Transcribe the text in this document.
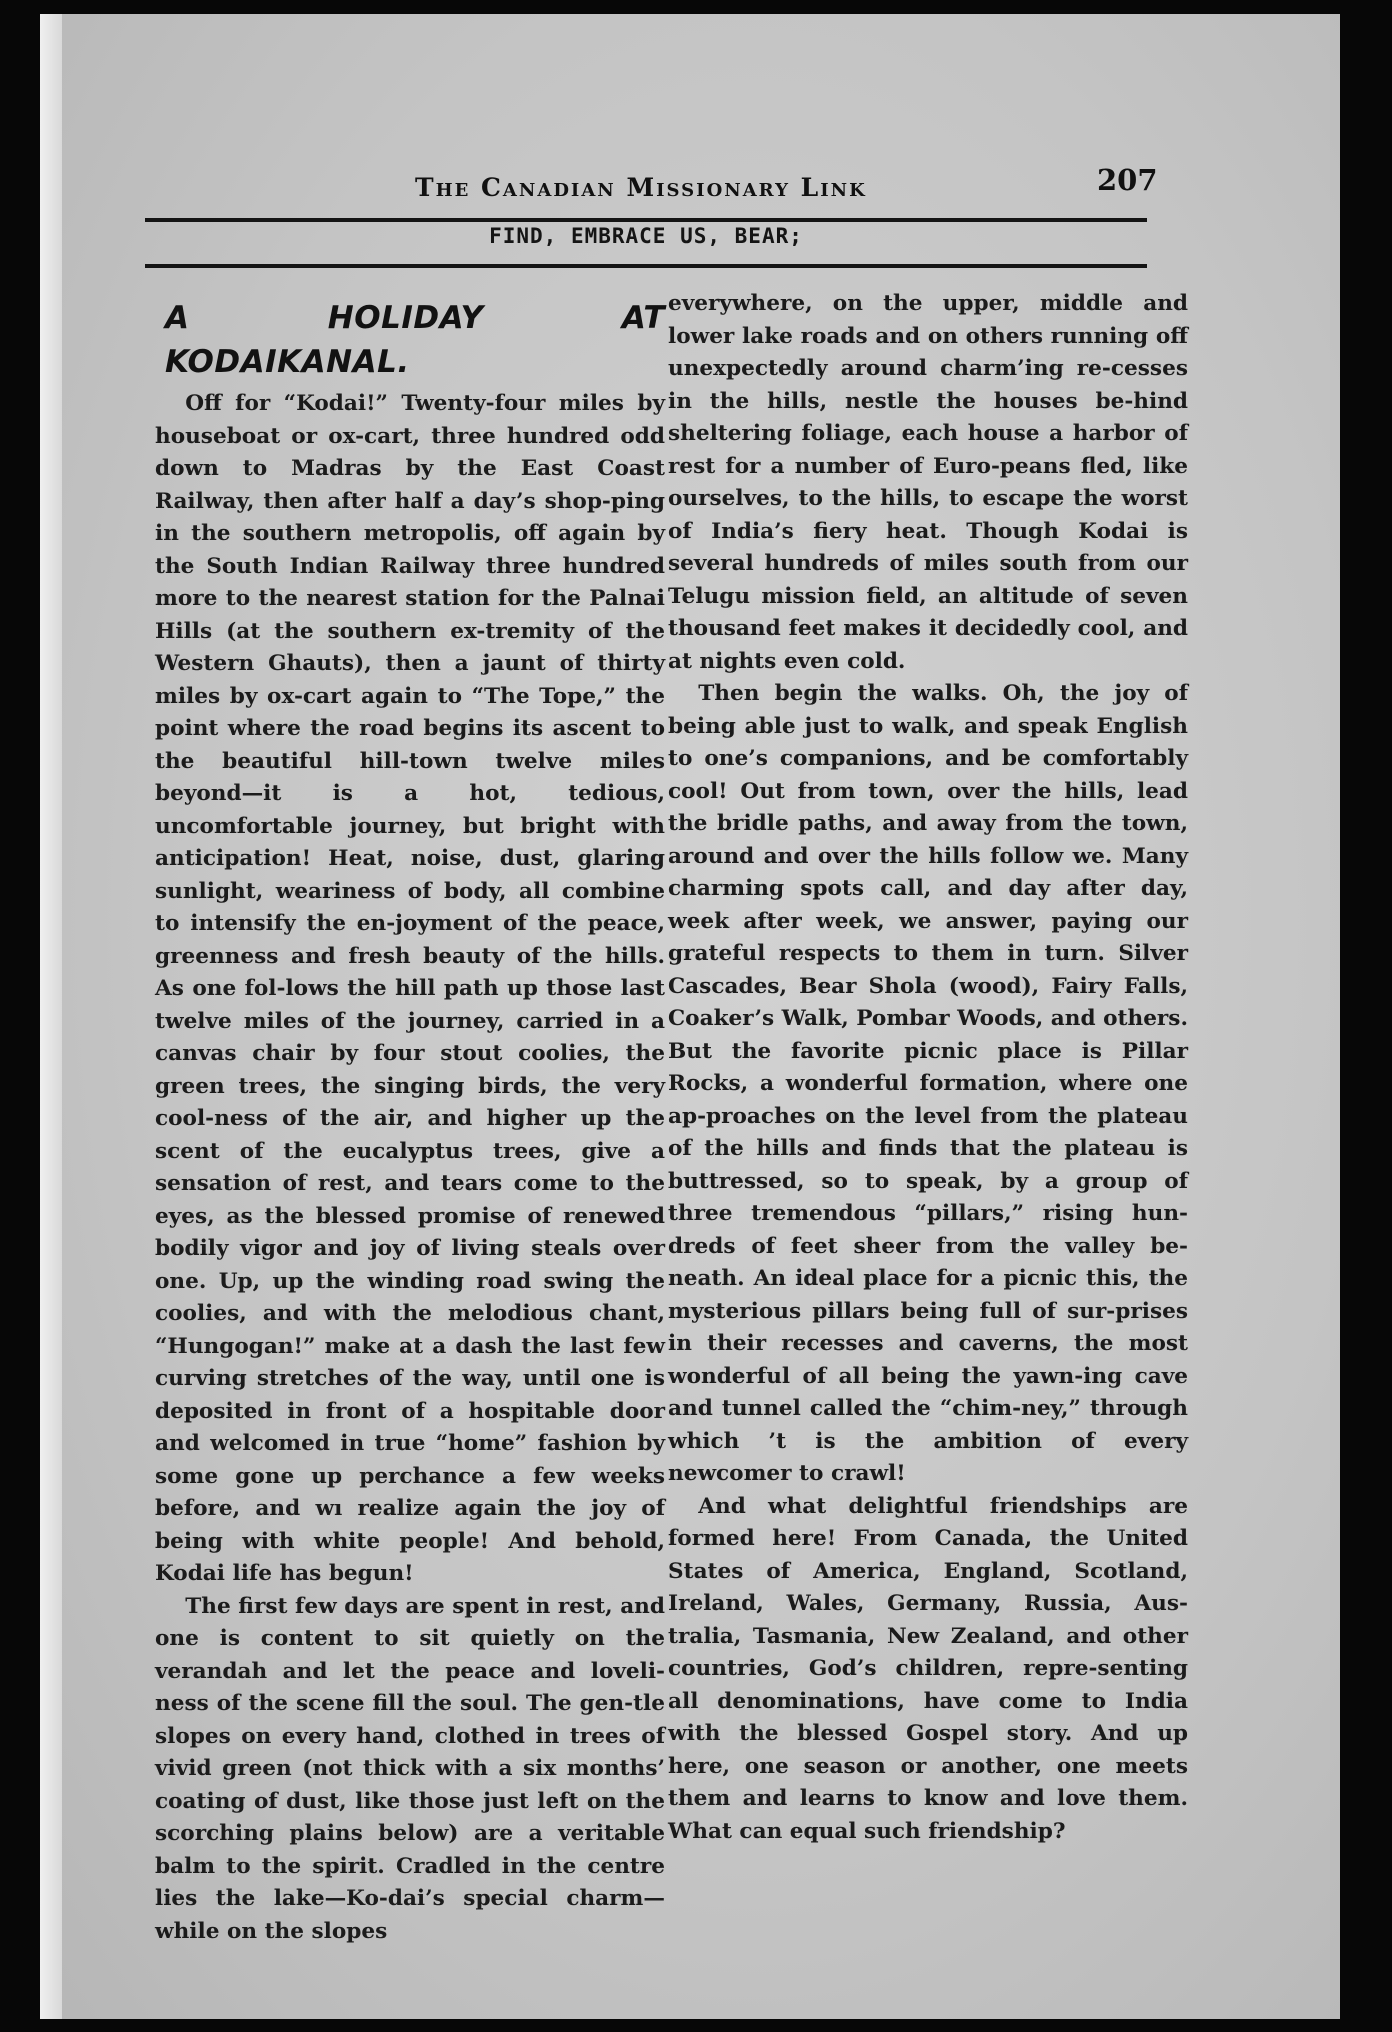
The Canadian Missionary Link	207
FIND, EMBRACE US, BEAR;
A HOLIDAY AT KODAIKANAL.

Off for “Kodai!” Twenty-four miles by houseboat or ox-cart, three hundred odd down to Madras by the East Coast Railway, then after half a day’s shop-ping in the southern metropolis, off again by the South Indian Railway three hundred more to the nearest station for the Palnai Hills (at the southern ex-tremity of the Western Ghauts), then a jaunt of thirty miles by ox-cart again to “The Tope,” the point where the road begins its ascent to the beautiful hill-town twelve miles beyond—it is a hot, tedious, uncomfortable journey, but bright with anticipation! Heat, noise, dust, glaring sunlight, weariness of body, all combine to intensify the en-joyment of the peace, greenness and fresh beauty of the hills. As one fol-lows the hill path up those last twelve miles of the journey, carried in a canvas chair by four stout coolies, the green trees, the singing birds, the very cool-ness of the air, and higher up the scent of the eucalyptus trees, give a sensation of rest, and tears come to the eyes, as the blessed promise of renewed bodily vigor and joy of living steals over one. Up, up the winding road swing the coolies, and with the melodious chant, “Hungogan!” make at a dash the last few curving stretches of the way, until one is deposited in front of a hospitable door and welcomed in true “home” fashion by some gone up perchance a few weeks before, and wı realize again the joy of being with white people! And behold, Kodai life has begun!

The first few days are spent in rest, and one is content to sit quietly on the verandah and let the peace and loveli-ness of the scene fill the soul. The gen-tle slopes on every hand, clothed in trees of vivid green (not thick with a six months’ coating of dust, like those just left on the scorching plains below) are a veritable balm to the spirit. Cradled in the centre lies the lake—Ko-dai’s special charm—while on the slopes

everywhere, on the upper, middle and lower lake roads and on others running off unexpectedly around charm’ing re-cesses in the hills, nestle the houses be-hind sheltering foliage, each house a harbor of rest for a number of Euro-peans fled, like ourselves, to the hills, to escape the worst of India’s fiery heat. Though Kodai is several hundreds of miles south from our Telugu mission field, an altitude of seven thousand feet makes it decidedly cool, and at nights even cold.

Then begin the walks. Oh, the joy of being able just to walk, and speak English to one’s companions, and be comfortably cool! Out from town, over the hills, lead the bridle paths, and away from the town, around and over the hills follow we. Many charming spots call, and day after day, week after week, we answer, paying our grateful respects to them in turn. Silver Cascades, Bear Shola (wood), Fairy Falls, Coaker’s Walk, Pombar Woods, and others. But the favorite picnic place is Pillar Rocks, a wonderful formation, where one ap-proaches on the level from the plateau of the hills and finds that the plateau is buttressed, so to speak, by a group of three tremendous “pillars,” rising hun-dreds of feet sheer from the valley be-neath. An ideal place for a picnic this, the mysterious pillars being full of sur-prises in their recesses and caverns, the most wonderful of all being the yawn-ing cave and tunnel called the “chim-ney,” through which ’t is the ambition of every newcomer to crawl!

And what delightful friendships are formed here! From Canada, the United States of America, England, Scotland, Ireland, Wales, Germany, Russia, Aus-tralia, Tasmania, New Zealand, and other countries, God’s children, repre-senting all denominations, have come to India with the blessed Gospel story. And up here, one season or another, one meets them and learns to know and love them. What can equal such friendship?
